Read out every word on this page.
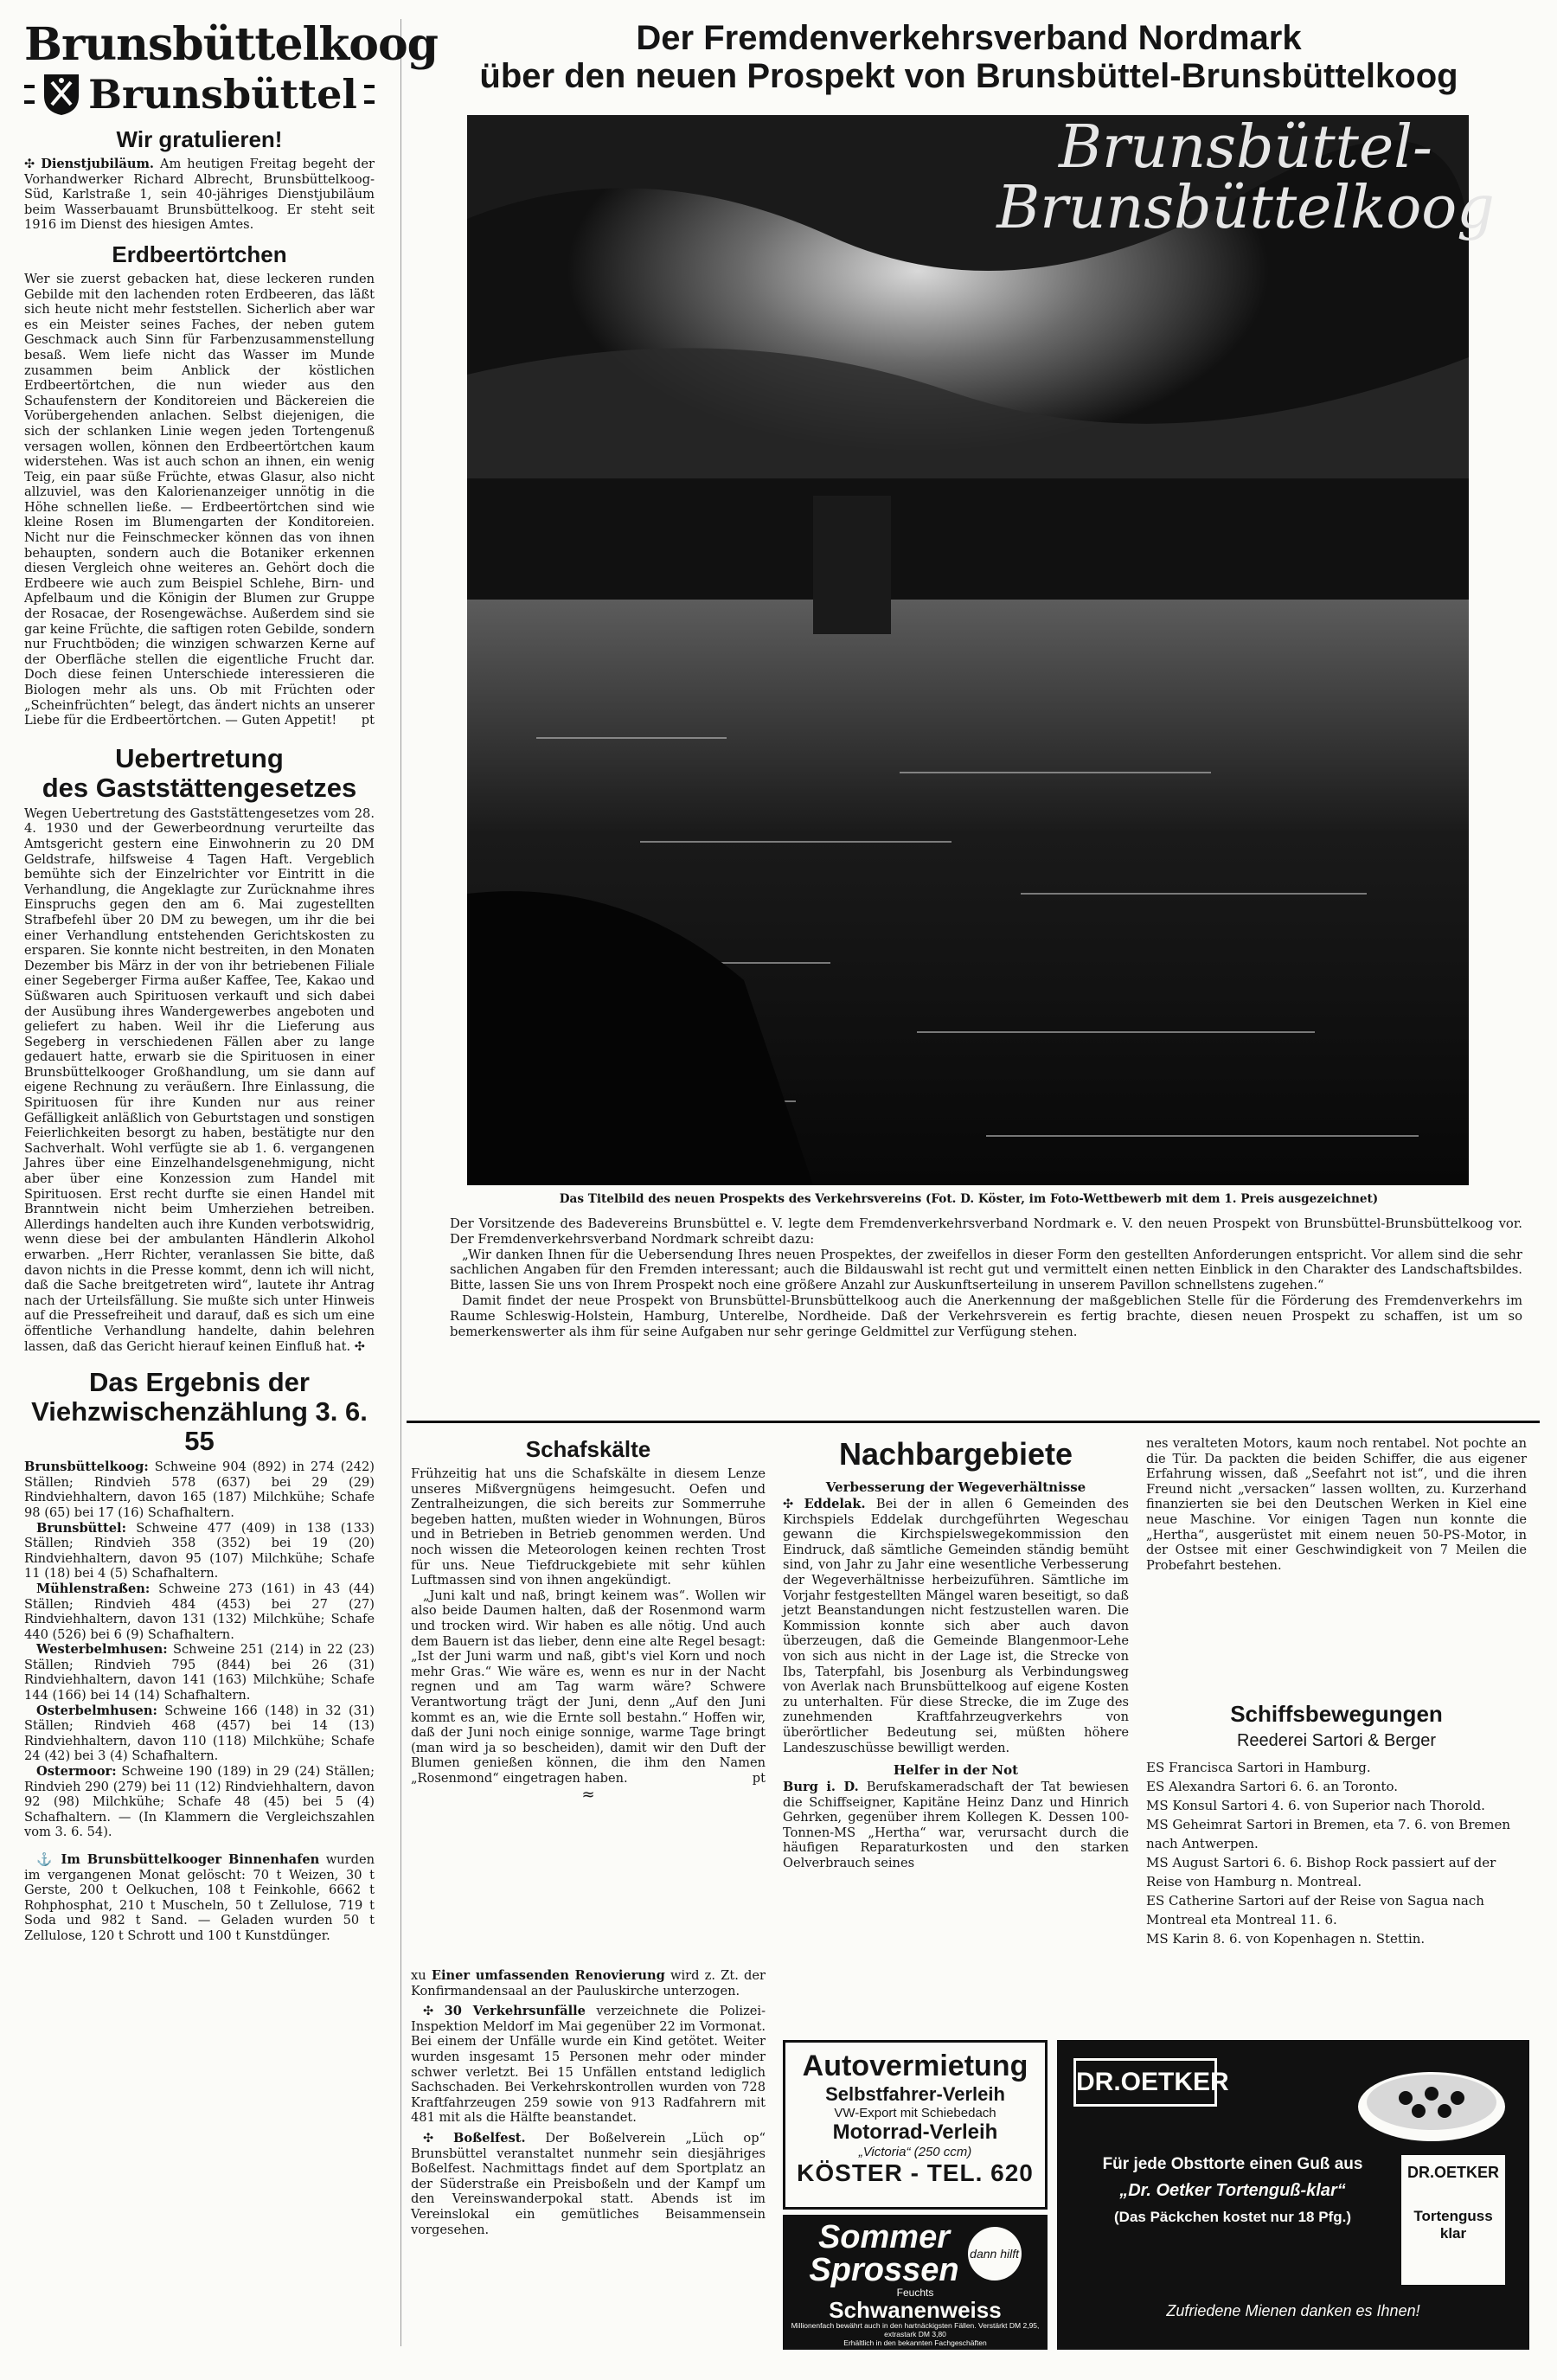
Brunsbüttelkoog
Brunsbüttel
Wir gratulieren!

✣ Dienstjubiläum. Am heutigen Freitag begeht der Vorhandwerker Richard Albrecht, Brunsbüttelkoog-Süd, Karlstraße 1, sein 40-jähriges Dienstjubiläum beim Wasserbauamt Brunsbüttelkoog. Er steht seit 1916 im Dienst des hiesigen Amtes.

Erdbeertörtchen

Wer sie zuerst gebacken hat, diese leckeren runden Gebilde mit den lachenden roten Erdbeeren, das läßt sich heute nicht mehr feststellen. Sicherlich aber war es ein Meister seines Faches, der neben gutem Geschmack auch Sinn für Farbenzusammenstellung besaß. Wem liefe nicht das Wasser im Munde zusammen beim Anblick der köstlichen Erdbeertörtchen, die nun wieder aus den Schaufenstern der Konditoreien und Bäckereien die Vorübergehenden anlachen. Selbst diejenigen, die sich der schlanken Linie wegen jeden Tortengenuß versagen wollen, können den Erdbeertörtchen kaum widerstehen. Was ist auch schon an ihnen, ein wenig Teig, ein paar süße Früchte, etwas Glasur, also nicht allzuviel, was den Kalorienanzeiger unnötig in die Höhe schnellen ließe. — Erdbeertörtchen sind wie kleine Rosen im Blumengarten der Konditoreien. Nicht nur die Feinschmecker können das von ihnen behaupten, sondern auch die Botaniker erkennen diesen Vergleich ohne weiteres an. Gehört doch die Erdbeere wie auch zum Beispiel Schlehe, Birn- und Apfelbaum und die Königin der Blumen zur Gruppe der Rosacae, der Rosengewächse. Außerdem sind sie gar keine Früchte, die saftigen roten Gebilde, sondern nur Fruchtböden; die winzigen schwarzen Kerne auf der Oberfläche stellen die eigentliche Frucht dar. Doch diese feinen Unterschiede interessieren die Biologen mehr als uns. Ob mit Früchten oder „Scheinfrüchten“ belegt, das ändert nichts an unserer Liebe für die Erdbeertörtchen. — Guten Appetit! pt

Uebertretung
des Gaststättengesetzes

Wegen Uebertretung des Gaststättengesetzes vom 28. 4. 1930 und der Gewerbeordnung verurteilte das Amtsgericht gestern eine Einwohnerin zu 20 DM Geldstrafe, hilfsweise 4 Tagen Haft. Vergeblich bemühte sich der Einzelrichter vor Eintritt in die Verhandlung, die Angeklagte zur Zurücknahme ihres Einspruchs gegen den am 6. Mai zugestellten Strafbefehl über 20 DM zu bewegen, um ihr die bei einer Verhandlung entstehenden Gerichtskosten zu ersparen. Sie konnte nicht bestreiten, in den Monaten Dezember bis März in der von ihr betriebenen Filiale einer Segeberger Firma außer Kaffee, Tee, Kakao und Süßwaren auch Spirituosen verkauft und sich dabei der Ausübung ihres Wandergewerbes angeboten und geliefert zu haben. Weil ihr die Lieferung aus Segeberg in verschiedenen Fällen aber zu lange gedauert hatte, erwarb sie die Spirituosen in einer Brunsbüttelkooger Großhandlung, um sie dann auf eigene Rechnung zu veräußern. Ihre Einlassung, die Spirituosen für ihre Kunden nur aus reiner Gefälligkeit anläßlich von Geburtstagen und sonstigen Feierlichkeiten besorgt zu haben, bestätigte nur den Sachverhalt. Wohl verfügte sie ab 1. 6. vergangenen Jahres über eine Einzelhandelsgenehmigung, nicht aber über eine Konzession zum Handel mit Spirituosen. Erst recht durfte sie einen Handel mit Branntwein nicht beim Umherziehen betreiben. Allerdings handelten auch ihre Kunden verbotswidrig, wenn diese bei der ambulanten Händlerin Alkohol erwarben. „Herr Richter, veranlassen Sie bitte, daß davon nichts in die Presse kommt, denn ich will nicht, daß die Sache breitgetreten wird“, lautete ihr Antrag nach der Urteilsfällung. Sie mußte sich unter Hinweis auf die Pressefreiheit und darauf, daß es sich um eine öffentliche Verhandlung handelte, dahin belehren lassen, daß das Gericht hierauf keinen Einfluß hat. ✣

Das Ergebnis der
Viehzwischenzählung 3. 6. 55

Brunsbüttelkoog: Schweine 904 (892) in 274 (242) Ställen; Rindvieh 578 (637) bei 29 (29) Rindviehhaltern, davon 165 (187) Milchkühe; Schafe 98 (65) bei 17 (16) Schafhaltern.

Brunsbüttel: Schweine 477 (409) in 138 (133) Ställen; Rindvieh 358 (352) bei 19 (20) Rindviehhaltern, davon 95 (107) Milchkühe; Schafe 11 (18) bei 4 (5) Schafhaltern.

Mühlenstraßen: Schweine 273 (161) in 43 (44) Ställen; Rindvieh 484 (453) bei 27 (27) Rindviehhaltern, davon 131 (132) Milchkühe; Schafe 440 (526) bei 6 (9) Schafhaltern.

Westerbelmhusen: Schweine 251 (214) in 22 (23) Ställen; Rindvieh 795 (844) bei 26 (31) Rindviehhaltern, davon 141 (163) Milchkühe; Schafe 144 (166) bei 14 (14) Schafhaltern.

Osterbelmhusen: Schweine 166 (148) in 32 (31) Ställen; Rindvieh 468 (457) bei 14 (13) Rindviehhaltern, davon 110 (118) Milchkühe; Schafe 24 (42) bei 3 (4) Schafhaltern.

Ostermoor: Schweine 190 (189) in 29 (24) Ställen; Rindvieh 290 (279) bei 11 (12) Rindviehhaltern, davon 92 (98) Milchkühe; Schafe 48 (45) bei 5 (4) Schafhaltern. — (In Klammern die Vergleichszahlen vom 3. 6. 54).

⚓ Im Brunsbüttelkooger Binnenhafen wurden im vergangenen Monat gelöscht: 70 t Weizen, 30 t Gerste, 200 t Oelkuchen, 108 t Feinkohle, 6662 t Rohphosphat, 210 t Muscheln, 50 t Zellulose, 719 t Soda und 982 t Sand. — Geladen wurden 50 t Zellulose, 120 t Schrott und 100 t Kunstdünger.

Der Fremdenverkehrsverband Nordmark
über den neuen Prospekt von Brunsbüttel-Brunsbüttelkoog
Brunsbüttel-
Brunsbüttelkoog
Das Titelbild des neuen Prospekts des Verkehrsvereins (Fot. D. Köster, im Foto-Wettbewerb mit dem 1. Preis ausgezeichnet)

Der Vorsitzende des Badevereins Brunsbüttel e. V. legte dem Fremdenverkehrsverband Nordmark e. V. den neuen Prospekt von Brunsbüttel-Brunsbüttelkoog vor. Der Fremdenverkehrsverband Nordmark schreibt dazu:

„Wir danken Ihnen für die Uebersendung Ihres neuen Prospektes, der zweifellos in dieser Form den gestellten Anforderungen entspricht. Vor allem sind die sehr sachlichen Angaben für den Fremden interessant; auch die Bildauswahl ist recht gut und vermittelt einen netten Einblick in den Charakter des Landschaftsbildes. Bitte, lassen Sie uns von Ihrem Prospekt noch eine größere Anzahl zur Auskunftserteilung in unserem Pavillon schnellstens zugehen.“

Damit findet der neue Prospekt von Brunsbüttel-Brunsbüttelkoog auch die Anerkennung der maßgeblichen Stelle für die Förderung des Fremdenverkehrs im Raume Schleswig-Holstein, Hamburg, Unterelbe, Nordheide. Daß der Verkehrsverein es fertig brachte, diesen neuen Prospekt zu schaffen, ist um so bemerkenswerter als ihm für seine Aufgaben nur sehr geringe Geldmittel zur Verfügung stehen.

Schafskälte

Frühzeitig hat uns die Schafskälte in diesem Lenze unseres Mißvergnügens heimgesucht. Oefen und Zentralheizungen, die sich bereits zur Sommerruhe begeben hatten, mußten wieder in Wohnungen, Büros und in Betrieben in Betrieb genommen werden. Und noch wissen die Meteorologen keinen rechten Trost für uns. Neue Tiefdruckgebiete mit sehr kühlen Luftmassen sind von ihnen angekündigt.

„Juni kalt und naß, bringt keinem was“. Wollen wir also beide Daumen halten, daß der Rosenmond warm und trocken wird. Wir haben es alle nötig. Und auch dem Bauern ist das lieber, denn eine alte Regel besagt: „Ist der Juni warm und naß, gibt's viel Korn und noch mehr Gras.“ Wie wäre es, wenn es nur in der Nacht regnen und am Tag warm wäre? Schwere Verantwortung trägt der Juni, denn „Auf den Juni kommt es an, wie die Ernte soll bestahn.“ Hoffen wir, daß der Juni noch einige sonnige, warme Tage bringt (man wird ja so bescheiden), damit wir den Duft der Blumen genießen können, die ihm den Namen „Rosenmond“ eingetragen haben.	pt

≈

xu Einer umfassenden Renovierung wird z. Zt. der Konfirmandensaal an der Pauluskirche unterzogen.

✣ 30 Verkehrsunfälle verzeichnete die Polizei-Inspektion Meldorf im Mai gegenüber 22 im Vormonat. Bei einem der Unfälle wurde ein Kind getötet. Weiter wurden insgesamt 15 Personen mehr oder minder schwer verletzt. Bei 15 Unfällen entstand lediglich Sachschaden. Bei Verkehrskontrollen wurden von 728 Kraftfahrzeugen 259 sowie von 913 Radfahrern mit 481 mit als die Hälfte beanstandet.

✣ Boßelfest. Der Boßelverein „Lüch op“ Brunsbüttel veranstaltet nunmehr sein diesjähriges Boßelfest. Nachmittags findet auf dem Sportplatz an der Süderstraße ein Preisboßeln und der Kampf um den Vereinswanderpokal statt. Abends ist im Vereinslokal ein gemütliches Beisammensein vorgesehen.

Nachbargebiete
Verbesserung der Wegeverhältnisse

✣ Eddelak. Bei der in allen 6 Gemeinden des Kirchspiels Eddelak durchgeführten Wegeschau gewann die Kirchspielswegekommission den Eindruck, daß sämtliche Gemeinden ständig bemüht sind, von Jahr zu Jahr eine wesentliche Verbesserung der Wegeverhältnisse herbeizuführen. Sämtliche im Vorjahr festgestellten Mängel waren beseitigt, so daß jetzt Beanstandungen nicht festzustellen waren. Die Kommission konnte sich aber auch davon überzeugen, daß die Gemeinde Blangenmoor-Lehe von sich aus nicht in der Lage ist, die Strecke von Ibs, Taterpfahl, bis Josenburg als Verbindungsweg von Averlak nach Brunsbüttelkoog auf eigene Kosten zu unterhalten. Für diese Strecke, die im Zuge des zunehmenden Kraftfahrzeugverkehrs von überörtlicher Bedeutung sei, müßten höhere Landeszuschüsse bewilligt werden.

Helfer in der Not

Burg i. D. Berufskameradschaft der Tat bewiesen die Schiffseigner, Kapitäne Heinz Danz und Hinrich Gehrken, gegenüber ihrem Kollegen K. Dessen 100-Tonnen-MS „Hertha“ war, verursacht durch die häufigen Reparaturkosten und den starken Oelverbrauch seines

nes veralteten Motors, kaum noch rentabel. Not pochte an die Tür. Da packten die beiden Schiffer, die aus eigener Erfahrung wissen, daß „Seefahrt not ist“, und die ihren Freund nicht „versacken“ lassen wollten, zu. Kurzerhand finanzierten sie bei den Deutschen Werken in Kiel eine neue Maschine. Vor einigen Tagen nun konnte die „Hertha“, ausgerüstet mit einem neuen 50-PS-Motor, in der Ostsee mit einer Geschwindigkeit von 7 Meilen die Probefahrt bestehen.

Schiffsbewegungen
Reederei Sartori & Berger

ES Francisca Sartori in Hamburg.

ES Alexandra Sartori 6. 6. an Toronto.

MS Konsul Sartori 4. 6. von Superior nach Thorold.

MS Geheimrat Sartori in Bremen, eta 7. 6. von Bremen nach Antwerpen.

MS August Sartori 6. 6. Bishop Rock passiert auf der Reise von Hamburg n. Montreal.

ES Catherine Sartori auf der Reise von Sagua nach Montreal eta Montreal 11. 6.

MS Karin 8. 6. von Kopenhagen n. Stettin.

Autovermietung
Selbstfahrer-Verleih
VW-Export mit Schiebedach
Motorrad-Verleih
„Victoria“ (250 ccm)
KÖSTER - TEL. 620
Sommer
Sprossen dann hilft
Feuchts
Schwanenweiss
Millionenfach bewährt auch in den hartnäckigsten Fällen. Verstärkt DM 2,95, extrastark DM 3,80
Erhältlich in den bekannten Fachgeschäften
DR.OETKER
Für jede Obsttorte einen Guß aus
„Dr. Oetker Tortenguß-klar“
(Das Päckchen kostet nur 18 Pfg.)
DR.OETKER
Tortenguss
klar
Zufriedene Mienen danken es Ihnen!
